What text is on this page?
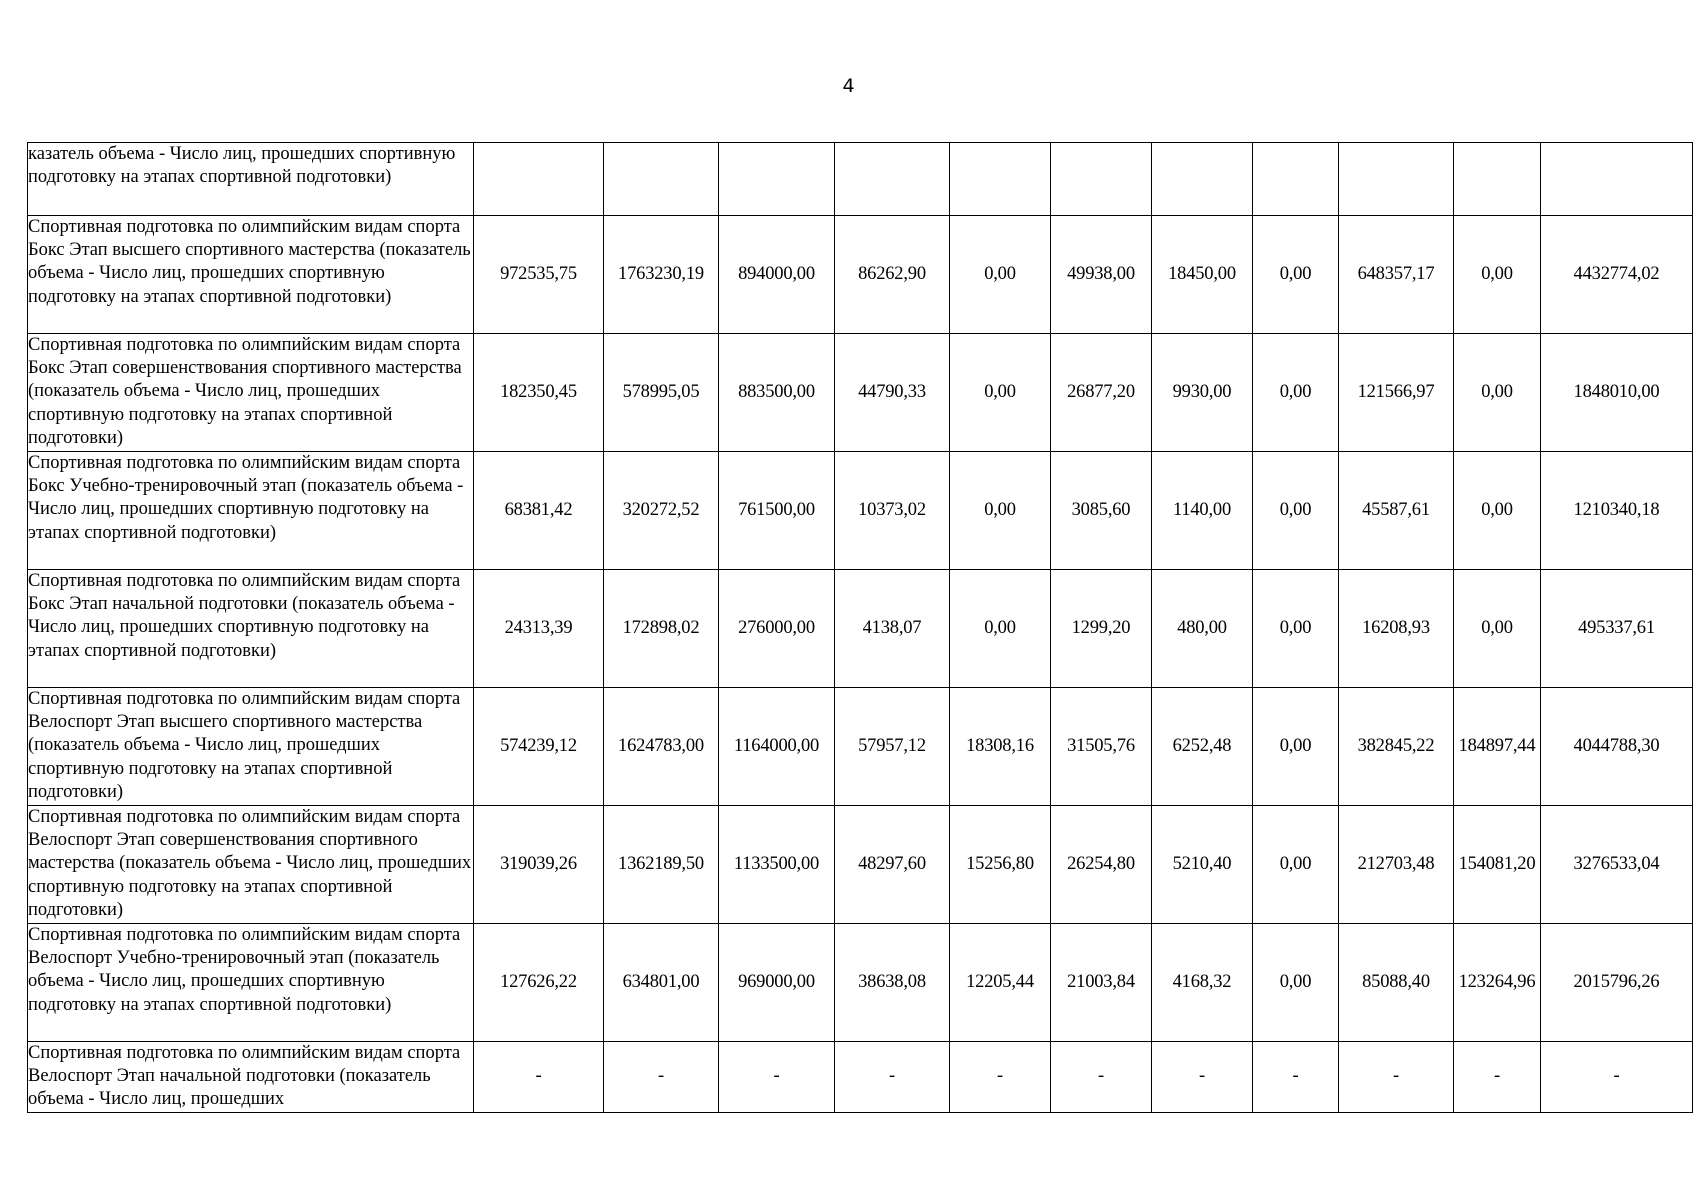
4
казатель объема - Число лиц, прошедших спортивную подготовку на этапах спортивной подготовки)											
Спортивная подготовка по олимпийским видам спорта Бокс Этап высшего спортивного мастерства (показатель объема - Число лиц, прошедших спортивную подготовку на этапах спортивной подготовки)	972535,75	1763230,19	894000,00	86262,90	0,00	49938,00	18450,00	0,00	648357,17	0,00	4432774,02
Спортивная подготовка по олимпийским видам спорта Бокс Этап совершенствования спортивного мастерства (показатель объема - Число лиц, прошедших спортивную подготовку на этапах спортивной подготовки)	182350,45	578995,05	883500,00	44790,33	0,00	26877,20	9930,00	0,00	121566,97	0,00	1848010,00
Спортивная подготовка по олимпийским видам спорта Бокс Учебно-тренировочный этап (показатель объема - Число лиц, прошедших спортивную подготовку на этапах спортивной подготовки)	68381,42	320272,52	761500,00	10373,02	0,00	3085,60	1140,00	0,00	45587,61	0,00	1210340,18
Спортивная подготовка по олимпийским видам спорта Бокс Этап начальной подготовки (показатель объема - Число лиц, прошедших спортивную подготовку на этапах спортивной подготовки)	24313,39	172898,02	276000,00	4138,07	0,00	1299,20	480,00	0,00	16208,93	0,00	495337,61
Спортивная подготовка по олимпийским видам спорта Велоспорт Этап высшего спортивного мастерства (показатель объема - Число лиц, прошедших спортивную подготовку на этапах спортивной подготовки)	574239,12	1624783,00	1164000,00	57957,12	18308,16	31505,76	6252,48	0,00	382845,22	184897,44	4044788,30
Спортивная подготовка по олимпийским видам спорта Велоспорт Этап совершенствования спортивного мастерства (показатель объема - Число лиц, прошедших спортивную подготовку на этапах спортивной подготовки)	319039,26	1362189,50	1133500,00	48297,60	15256,80	26254,80	5210,40	0,00	212703,48	154081,20	3276533,04
Спортивная подготовка по олимпийским видам спорта Велоспорт Учебно-тренировочный этап (показатель объема - Число лиц, прошедших спортивную подготовку на этапах спортивной подготовки)	127626,22	634801,00	969000,00	38638,08	12205,44	21003,84	4168,32	0,00	85088,40	123264,96	2015796,26
Спортивная подготовка по олимпийским видам спорта Велоспорт Этап начальной подготовки (показатель объема - Число лиц, прошедших	-	-	-	-	-	-	-	-	-	-	-
